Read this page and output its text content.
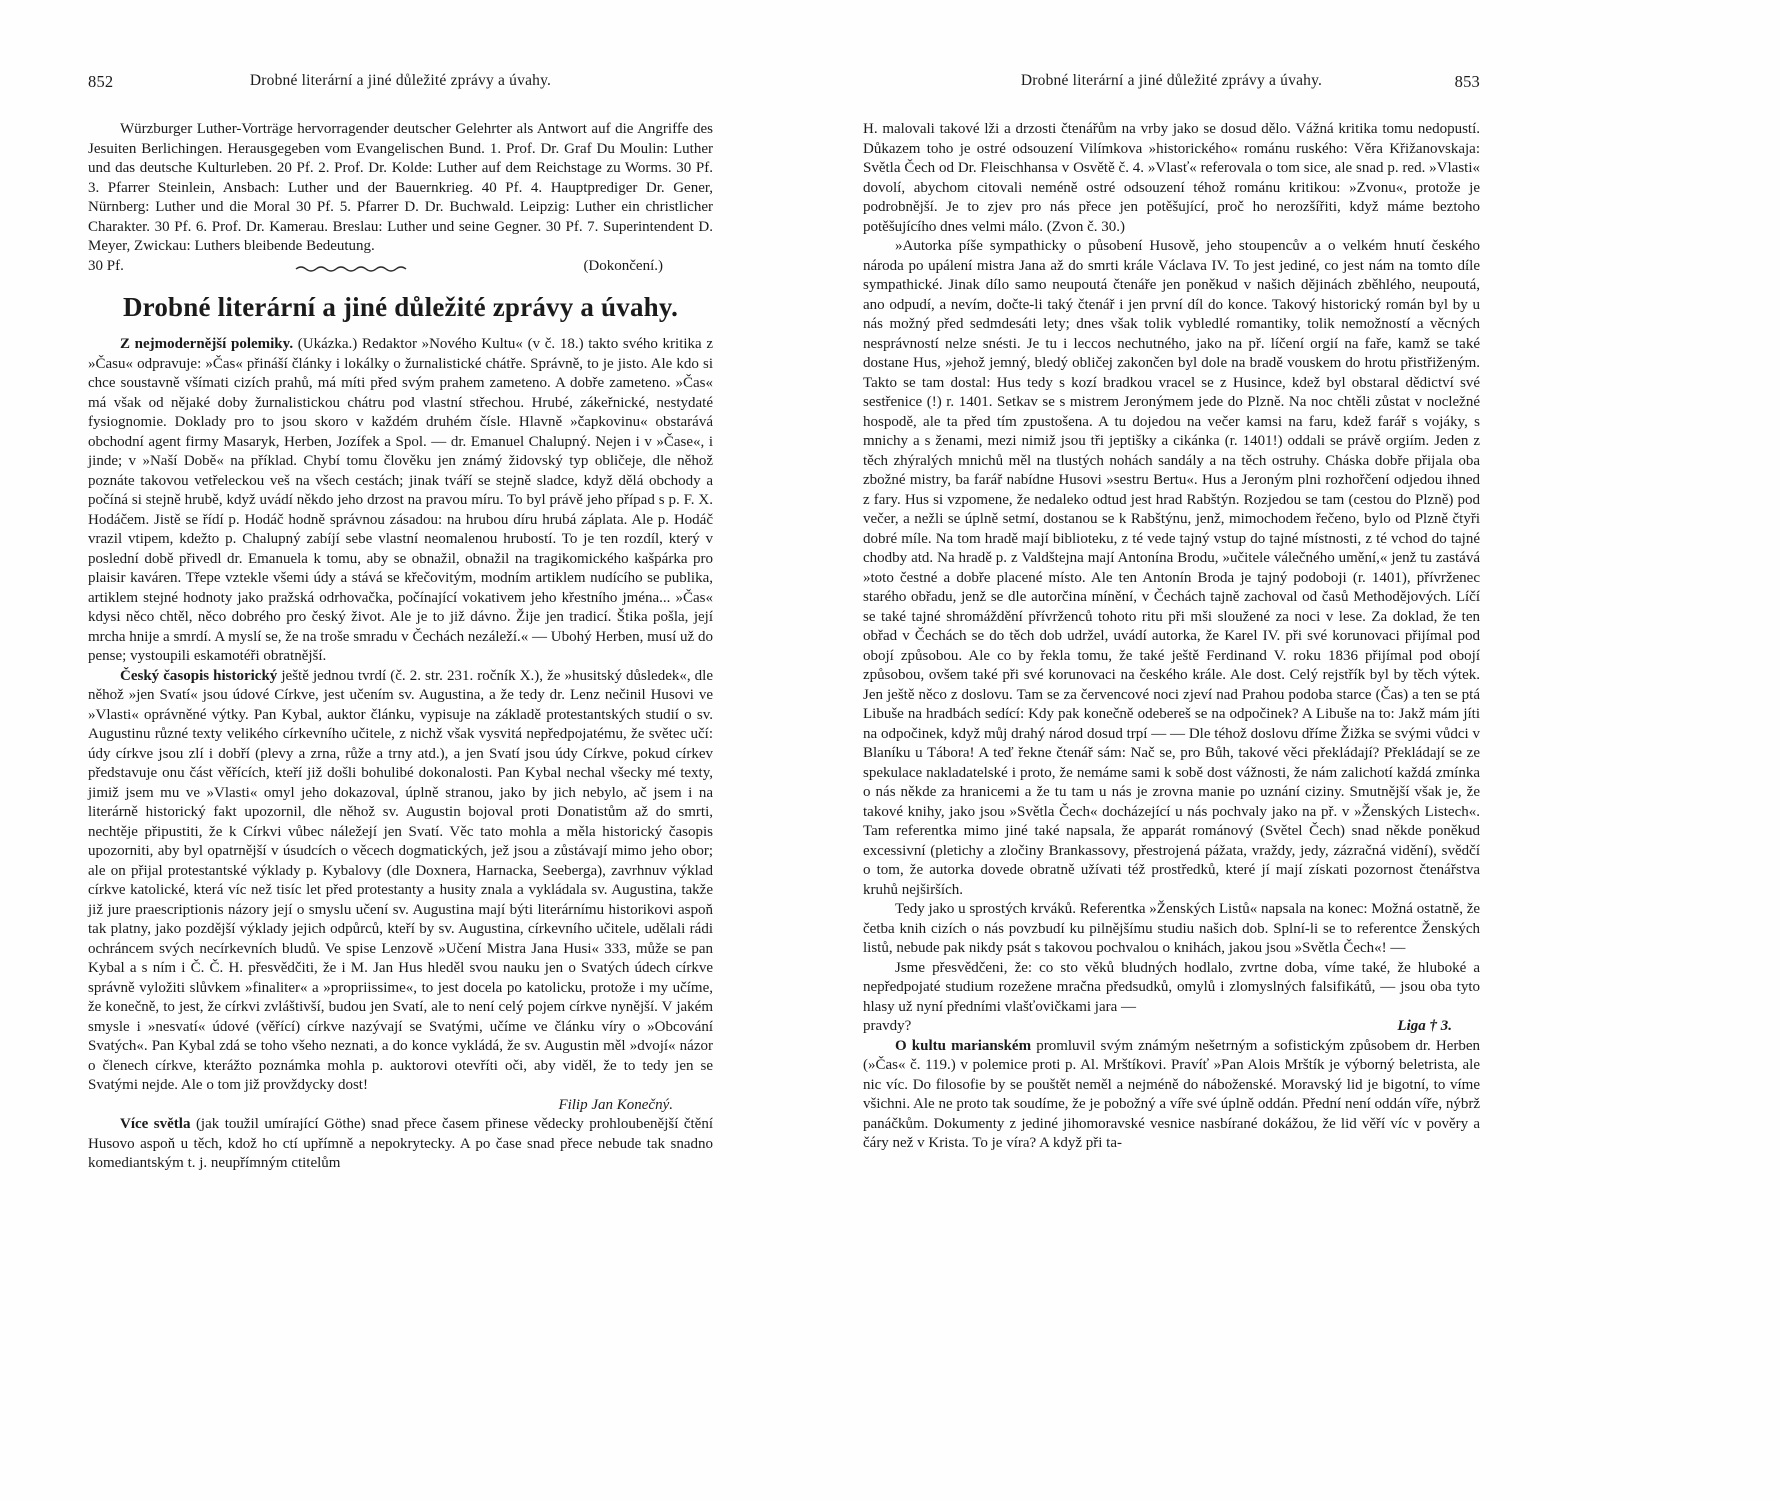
852	Drobné literární a jiné důležité zprávy a úvahy.

Würzburger Luther-Vorträge hervorragender deutscher Gelehrter als Antwort auf die Angriffe des Jesuiten Berlichingen. Herausgegeben vom Evangelischen Bund. 1. Prof. Dr. Graf Du Moulin: Luther und das deutsche Kulturleben. 20 Pf. 2. Prof. Dr. Kolde: Luther auf dem Reichstage zu Worms. 30 Pf. 3. Pfarrer Steinlein, Ansbach: Luther und der Bauernkrieg. 40 Pf. 4. Hauptprediger Dr. Gener, Nürnberg: Luther und die Moral 30 Pf. 5. Pfarrer D. Dr. Buchwald. Leipzig: Luther ein christlicher Charakter. 30 Pf. 6. Prof. Dr. Kamerau. Breslau: Luther und seine Gegner. 30 Pf. 7. Superintendent D. Meyer, Zwickau: Luthers bleibende Bedeutung.

30 Pf.	(Dokončení.)
Drobné literární a jiné důležité zprávy a úvahy.

Z nejmodernější polemiky. (Ukázka.) Redaktor »Nového Kultu« (v č. 18.) takto svého kritika z »Času« odpravuje: »Čas« přináší články i lokálky o žurnalistické chátře. Správně, to je jisto. Ale kdo si chce soustavně všímati cizích prahů, má míti před svým prahem zameteno. A dobře zameteno. »Čas« má však od nějaké doby žurnalistickou chátru pod vlastní střechou. Hrubé, zákeřnické, nestydaté fysiognomie. Doklady pro to jsou skoro v každém druhém čísle. Hlavně »čapkovinu« obstarává obchodní agent firmy Masaryk, Herben, Jozífek a Spol. — dr. Emanuel Chalupný. Nejen i v »Čase«, i jinde; v »Naší Době« na příklad. Chybí tomu člověku jen známý židovský typ obličeje, dle něhož poznáte takovou vetřeleckou veš na všech cestách; jinak tváří se stejně sladce, když dělá obchody a počíná si stejně hrubě, když uvádí někdo jeho drzost na pravou míru. To byl právě jeho případ s p. F. X. Hodáčem. Jistě se řídí p. Hodáč hodně správnou zásadou: na hrubou díru hrubá záplata. Ale p. Hodáč vrazil vtipem, kdežto p. Chalupný zabíjí sebe vlastní neomalenou hrubostí. To je ten rozdíl, který v poslední době přivedl dr. Emanuela k tomu, aby se obnažil, obnažil na tragikomického kašpárka pro plaisir kaváren. Třepe vztekle všemi údy a stává se křečovitým, modním artiklem nudícího se publika, artiklem stejné hodnoty jako pražská odrhovačka, počínající vokativem jeho křestního jména... »Čas« kdysi něco chtěl, něco dobrého pro český život. Ale je to již dávno. Žije jen tradicí. Štika pošla, její mrcha hnije a smrdí. A myslí se, že na troše smradu v Čechách nezáleží.« — Ubohý Herben, musí už do pense; vystoupili eskamotéři obratnější.

Český časopis historický ještě jednou tvrdí (č. 2. str. 231. ročník X.), že »husitský důsledek«, dle něhož »jen Svatí« jsou údové Církve, jest učením sv. Augustina, a že tedy dr. Lenz nečinil Husovi ve »Vlasti« oprávněné výtky. Pan Kybal, auktor článku, vypisuje na základě protestantských studií o sv. Augustinu různé texty velikého církevního učitele, z nichž však vysvitá nepředpojatému, že světec učí: údy církve jsou zlí i dobří (plevy a zrna, růže a trny atd.), a jen Svatí jsou údy Církve, pokud církev představuje onu část věřících, kteří již došli bohulibé dokonalosti. Pan Kybal nechal všecky mé texty, jimiž jsem mu ve »Vlasti« omyl jeho dokazoval, úplně stranou, jako by jich nebylo, ač jsem i na literárně historický fakt upozornil, dle něhož sv. Augustin bojoval proti Donatistům až do smrti, nechtěje připustiti, že k Církvi vůbec náležejí jen Svatí. Věc tato mohla a měla historický časopis upozorniti, aby byl opatrnější v úsudcích o věcech dogmatických, jež jsou a zůstávají mimo jeho obor; ale on přijal protestantské výklady p. Kybalovy (dle Doxnera, Harnacka, Seeberga), zavrhnuv výklad církve katolické, která víc než tisíc let před protestanty a husity znala a vykládala sv. Augustina, takže již jure praescriptionis názory její o smyslu učení sv. Augustina mají býti literárnímu historikovi aspoň tak platny, jako pozdější výklady jejich odpůrců, kteří by sv. Augustina, církevního učitele, udělali rádi ochráncem svých necírkevních bludů. Ve spise Lenzově »Učení Mistra Jana Husi« 333, může se pan Kybal a s ním i Č. Č. H. přesvědčiti, že i M. Jan Hus hleděl svou nauku jen o Svatých údech církve správně vyložiti slůvkem »finaliter« a »propriissime«, to jest docela po katolicku, protože i my učíme, že konečně, to jest, že církvi zvláštivší, budou jen Svatí, ale to není celý pojem církve nynější. V jakém smysle i »nesvatí« údové (věřící) církve nazývají se Svatými, učíme ve článku víry o »Obcování Svatých«. Pan Kybal zdá se toho všeho neznati, a do konce vykládá, že sv. Augustin měl »dvojí« názor o členech církve, kterážto poznámka mohla p. auktorovi otevříti oči, aby viděl, že to tedy jen se Svatými nejde. Ale o tom již provždycky dost!

Filip Jan Konečný.

Více světla (jak toužil umírající Göthe) snad přece časem přinese vědecky prohloubenější čtění Husovo aspoň u těch, kdož ho ctí upřímně a nepokrytecky. A po čase snad přece nebude tak snadno komediantským t. j. neupřímným ctitelům

Drobné literární a jiné důležité zprávy a úvahy.	853

H. malovali takové lži a drzosti čtenářům na vrby jako se dosud dělo. Vážná kritika tomu nedopustí. Důkazem toho je ostré odsouzení Vilímkova »historického« románu ruského: Věra Křižanovskaja: Světla Čech od Dr. Fleischhansa v Osvětě č. 4. »Vlasť« referovala o tom sice, ale snad p. red. »Vlasti« dovolí, abychom citovali neméně ostré odsouzení téhož románu kritikou: »Zvonu«, protože je podrobnější. Je to zjev pro nás přece jen potěšující, proč ho nerozšířiti, když máme beztoho potěšujícího dnes velmi málo. (Zvon č. 30.)

»Autorka píše sympathicky o působení Husově, jeho stoupencův a o velkém hnutí českého národa po upálení mistra Jana až do smrti krále Václava IV. To jest jediné, co jest nám na tomto díle sympathické. Jinak dílo samo neupoutá čtenáře jen poněkud v našich dějinách zběhlého, neupoutá, ano odpudí, a nevím, dočte-li taký čtenář i jen první díl do konce. Takový historický román byl by u nás možný před sedmdesáti lety; dnes však tolik vybledlé romantiky, tolik nemožností a věcných nesprávností nelze snésti. Je tu i leccos nechutného, jako na př. líčení orgií na faře, kamž se také dostane Hus, »jehož jemný, bledý obličej zakončen byl dole na bradě vouskem do hrotu přistřiženým. Takto se tam dostal: Hus tedy s kozí bradkou vracel se z Husince, kdež byl obstaral dědictví své sestřenice (!) r. 1401. Setkav se s mistrem Jeronýmem jede do Plzně. Na noc chtěli zůstat v nocležné hospodě, ale ta před tím zpustošena. A tu dojedou na večer kamsi na faru, kdež farář s vojáky, s mnichy a s ženami, mezi nimiž jsou tři jeptišky a cikánka (r. 1401!) oddali se právě orgiím. Jeden z těch zhýralých mnichů měl na tlustých nohách sandály a na těch ostruhy. Cháska dobře přijala oba zbožné mistry, ba farář nabídne Husovi »sestru Bertu«. Hus a Jeroným plni rozhořčení odjedou ihned z fary. Hus si vzpomene, že nedaleko odtud jest hrad Rabštýn. Rozjedou se tam (cestou do Plzně) pod večer, a nežli se úplně setmí, dostanou se k Rabštýnu, jenž, mimochodem řečeno, bylo od Plzně čtyři dobré míle. Na tom hradě mají biblioteku, z té vede tajný vstup do tajné místnosti, z té vchod do tajné chodby atd. Na hradě p. z Valdštejna mají Antonína Brodu, »učitele válečného umění,« jenž tu zastává »toto čestné a dobře placené místo. Ale ten Antonín Broda je tajný podoboji (r. 1401), přívrženec starého obřadu, jenž se dle autorčina mínění, v Čechách tajně zachoval od časů Methodějových. Líčí se také tajné shromáždění přívrženců tohoto ritu při mši sloužené za noci v lese. Za doklad, že ten obřad v Čechách se do těch dob udržel, uvádí autorka, že Karel IV. při své korunovaci přijímal pod obojí způsobou. Ale co by řekla tomu, že také ještě Ferdinand V. roku 1836 přijímal pod obojí způsobou, ovšem také při své korunovaci na českého krále. Ale dost. Celý rejstřík byl by těch výtek. Jen ještě něco z doslovu. Tam se za červencové noci zjeví nad Prahou podoba starce (Čas) a ten se ptá Libuše na hradbách sedící: Kdy pak konečně odebereš se na odpočinek? A Libuše na to: Jakž mám jíti na odpočinek, když můj drahý národ dosud trpí — — Dle téhož doslovu dříme Žižka se svými vůdci v Blaníku u Tábora! A teď řekne čtenář sám: Nač se, pro Bůh, takové věci překládají? Překládají se ze spekulace nakladatelské i proto, že nemáme sami k sobě dost vážnosti, že nám zalichotí každá zmínka o nás někde za hranicemi a že tu tam u nás je zrovna manie po uznání ciziny. Smutnější však je, že takové knihy, jako jsou »Světla Čech« docházející u nás pochvaly jako na př. v »Ženských Listech«. Tam referentka mimo jiné také napsala, že apparát románový (Světel Čech) snad někde poněkud excessivní (pletichy a zločiny Brankassovy, přestrojená pážata, vraždy, jedy, zázračná vidění), svědčí o tom, že autorka dovede obratně užívati též prostředků, které jí mají získati pozornost čtenářstva kruhů nejširších.

Tedy jako u sprostých krváků. Referentka »Ženských Listů« napsala na konec: Možná ostatně, že četba knih cizích o nás povzbudí ku pilnějšímu studiu našich dob. Splní-li se to referentce Ženských listů, nebude pak nikdy psát s takovou pochvalou o knihách, jakou jsou »Světla Čech«! —

Jsme přesvědčeni, že: co sto věků bludných hodlalo, zvrtne doba, víme také, že hluboké a nepředpojaté studium rozežene mračna předsudků, omylů i zlomyslných falsifikátů, — jsou oba tyto hlasy už nyní předními vlašťovičkami jara —

pravdy?	Liga † 3.

O kultu marianském promluvil svým známým nešetrným a sofistickým způsobem dr. Herben (»Čas« č. 119.) v polemice proti p. Al. Mrštíkovi. Pravíť »Pan Alois Mrštík je výborný beletrista, ale nic víc. Do filosofie by se pouštět neměl a nejméně do náboženské. Moravský lid je bigotní, to víme všichni. Ale ne proto tak soudíme, že je pobožný a víře své úplně oddán. Přední není oddán víře, nýbrž panáčkům. Dokumenty z jediné jihomoravské vesnice nasbírané dokážou, že lid věří víc v pověry a čáry než v Krista. To je víra? A když při ta-
